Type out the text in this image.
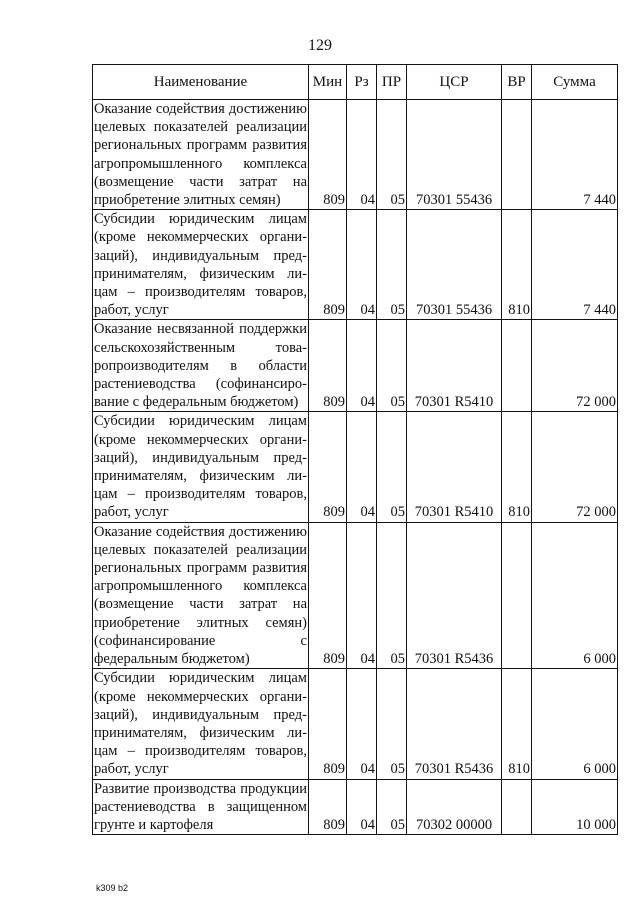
129
Наименование	Мин	Рз	ПР	ЦСР	ВР	Сумма
Оказание содействия достижению целевых показателей реализации региональных программ развития агропромышленного комплекса (возмещение части затрат на приобретение элитных семян)	809	04	05	70301 55436		7 440
Субсидии юридическим лицам (кроме некоммерческих организаций), индивидуальным предпринимателям, физическим лицам – производителям товаров, работ, услуг	809	04	05	70301 55436	810	7 440
Оказание несвязанной поддержки сельскохозяйственным товаропроизводителям в области растениеводства (софинансирование с федеральным бюджетом)	809	04	05	70301 R5410		72 000
Субсидии юридическим лицам (кроме некоммерческих организаций), индивидуальным предпринимателям, физическим лицам – производителям товаров, работ, услуг	809	04	05	70301 R5410	810	72 000
Оказание содействия достижению целевых показателей реализации региональных программ развития агропромышленного комплекса (возмещение части затрат на приобретение элитных семян) (софинансирование с федеральным бюджетом)	809	04	05	70301 R5436		6 000
Субсидии юридическим лицам (кроме некоммерческих организаций), индивидуальным предпринимателям, физическим лицам – производителям товаров, работ, услуг	809	04	05	70301 R5436	810	6 000
Развитие производства продукции растениеводства в защищенном грунте и картофеля	809	04	05	70302 00000		10 000
k309 b2
